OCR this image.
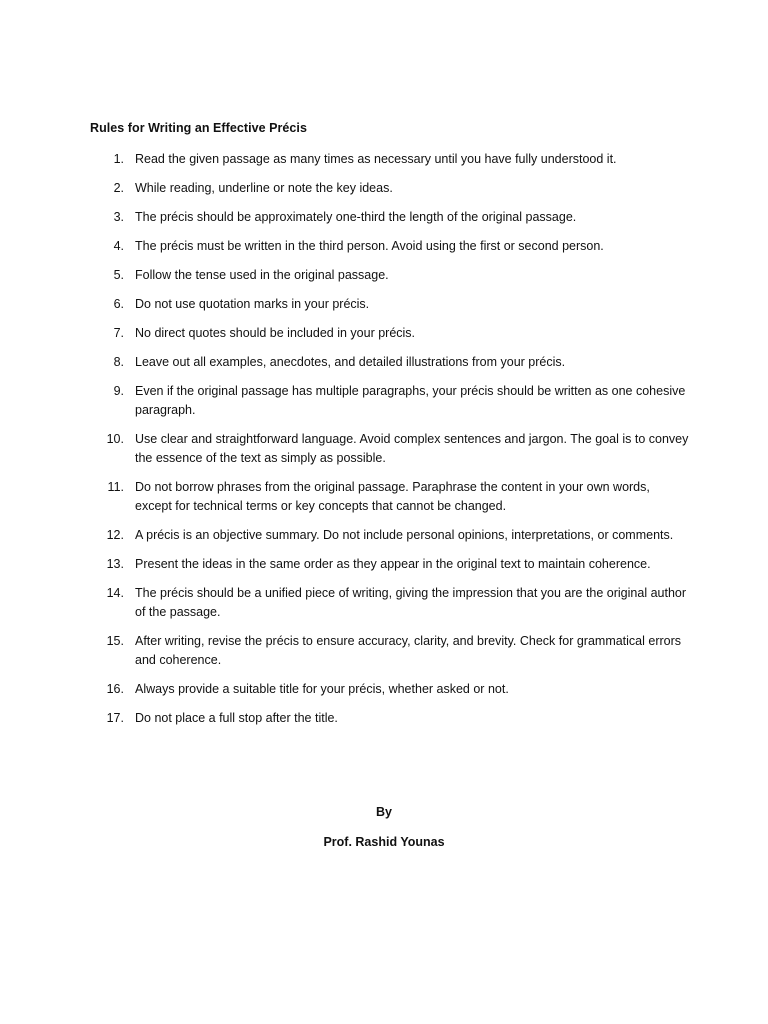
Rules for Writing an Effective Précis
1. Read the given passage as many times as necessary until you have fully understood it.
2. While reading, underline or note the key ideas.
3. The précis should be approximately one-third the length of the original passage.
4. The précis must be written in the third person. Avoid using the first or second person.
5. Follow the tense used in the original passage.
6. Do not use quotation marks in your précis.
7. No direct quotes should be included in your précis.
8. Leave out all examples, anecdotes, and detailed illustrations from your précis.
9. Even if the original passage has multiple paragraphs, your précis should be written as one cohesive paragraph.
10. Use clear and straightforward language. Avoid complex sentences and jargon. The goal is to convey the essence of the text as simply as possible.
11. Do not borrow phrases from the original passage. Paraphrase the content in your own words, except for technical terms or key concepts that cannot be changed.
12. A précis is an objective summary. Do not include personal opinions, interpretations, or comments.
13. Present the ideas in the same order as they appear in the original text to maintain coherence.
14. The précis should be a unified piece of writing, giving the impression that you are the original author of the passage.
15. After writing, revise the précis to ensure accuracy, clarity, and brevity. Check for grammatical errors and coherence.
16. Always provide a suitable title for your précis, whether asked or not.
17. Do not place a full stop after the title.
By
Prof. Rashid Younas
